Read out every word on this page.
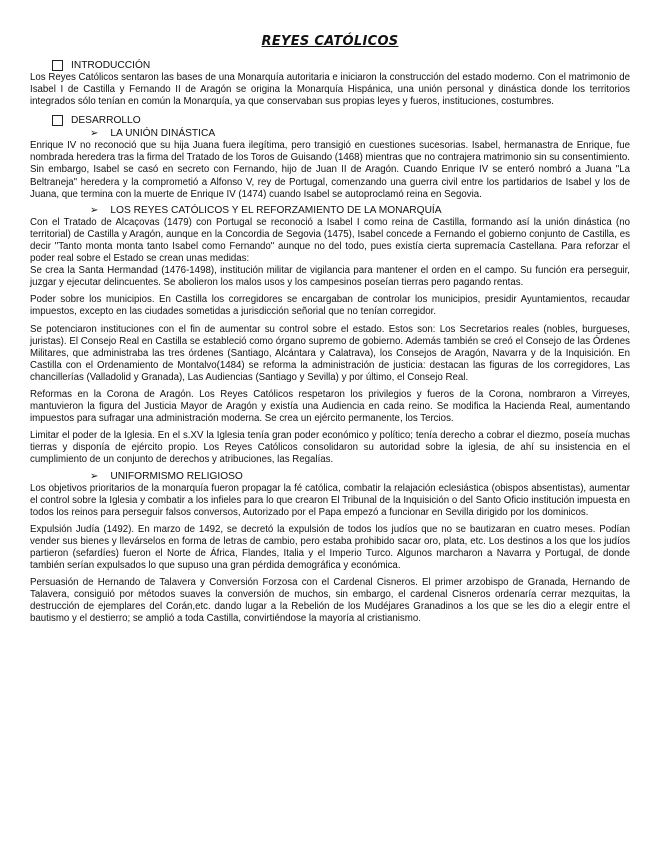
REYES CATÓLICOS
INTRODUCCIÓN

Los Reyes Católicos sentaron las bases de una Monarquía autoritaria e iniciaron la construcción del estado moderno. Con el matrimonio de Isabel I de Castilla y Fernando II de Aragón se origina la Monarquía Hispánica, una unión personal y dinástica donde los territorios integrados sólo tenían en común la Monarquía, ya que conservaban sus propias leyes y fueros, instituciones, costumbres.

DESARROLLO
➢ LA UNIÓN DINÁSTICA

Enrique IV no reconoció que su hija Juana fuera ilegítima, pero transigió en cuestiones sucesorias. Isabel, hermanastra de Enrique, fue nombrada heredera tras la firma del Tratado de los Toros de Guisando (1468) mientras que no contrajera matrimonio sin su consentimiento. Sin embargo, Isabel se casó en secreto con Fernando, hijo de Juan II de Aragón. Cuando Enrique IV se enteró nombró a Juana "La Beltraneja" heredera y la comprometió a Alfonso V, rey de Portugal, comenzando una guerra civil entre los partidarios de Isabel y los de Juana, que termina con la muerte de Enrique IV (1474) cuando Isabel se autoproclamó reina en Segovia.

➢ LOS REYES CATÓLICOS Y EL REFORZAMIENTO DE LA MONARQUÍA

Con el Tratado de Alcaçovas (1479) con Portugal se reconoció a Isabel I como reina de Castilla, formando así la unión dinástica (no territorial) de Castilla y Aragón, aunque en la Concordia de Segovia (1475), Isabel concede a Fernando el gobierno conjunto de Castilla, es decir "Tanto monta monta tanto Isabel como Fernando" aunque no del todo, pues existía cierta supremacía Castellana. Para reforzar el poder real sobre el Estado se crean unas medidas:

Se crea la Santa Hermandad (1476-1498), institución militar de vigilancia para mantener el orden en el campo. Su función era perseguir, juzgar y ejecutar delincuentes. Se abolieron los malos usos y los campesinos poseían tierras pero pagando rentas.

Poder sobre los municipios. En Castilla los corregidores se encargaban de controlar los municipios, presidir Ayuntamientos, recaudar impuestos, excepto en las ciudades sometidas a jurisdicción señorial que no tenían corregidor.

Se potenciaron instituciones con el fin de aumentar su control sobre el estado. Estos son: Los Secretarios reales (nobles, burgueses, juristas). El Consejo Real en Castilla se estableció como órgano supremo de gobierno. Además también se creó el Consejo de las Órdenes Militares, que administraba las tres órdenes (Santiago, Alcántara y Calatrava), los Consejos de Aragón, Navarra y de la Inquisición. En Castilla con el Ordenamiento de Montalvo(1484) se reforma la administración de justicia: destacan las figuras de los corregidores, Las chancillerías (Valladolid y Granada), Las Audiencias (Santiago y Sevilla) y por último, el Consejo Real.

Reformas en la Corona de Aragón. Los Reyes Católicos respetaron los privilegios y fueros de la Corona, nombraron a Virreyes, mantuvieron la figura del Justicia Mayor de Aragón y existía una Audiencia en cada reino. Se modifica la Hacienda Real, aumentando impuestos para sufragar una administración moderna. Se crea un ejército permanente, los Tercios.

Limitar el poder de la Iglesia. En el s.XV la Iglesia tenía gran poder económico y político; tenía derecho a cobrar el diezmo, poseía muchas tierras y disponía de ejército propio. Los Reyes Católicos consolidaron su autoridad sobre la iglesia, de ahí su insistencia en el cumplimiento de un conjunto de derechos y atribuciones, las Regalías.

➢ UNIFORMISMO RELIGIOSO

Los objetivos prioritarios de la monarquía fueron propagar la fé católica, combatir la relajación eclesiástica (obispos absentistas), aumentar el control sobre la Iglesia y combatir a los infieles para lo que crearon El Tribunal de la Inquisición o del Santo Oficio institución impuesta en todos los reinos para perseguir falsos conversos, Autorizado por el Papa empezó a funcionar en Sevilla dirigido por los dominicos.

Expulsión Judía (1492). En marzo de 1492, se decretó la expulsión de todos los judíos que no se bautizaran en cuatro meses. Podían vender sus bienes y llevárselos en forma de letras de cambio, pero estaba prohibido sacar oro, plata, etc. Los destinos a los que los judíos partieron (sefardíes) fueron el Norte de África, Flandes, Italia y el Imperio Turco. Algunos marcharon a Navarra y Portugal, de donde también serían expulsados lo que supuso una gran pérdida demográfica y económica.

Persuasión de Hernando de Talavera y Conversión Forzosa con el Cardenal Cisneros. El primer arzobispo de Granada, Hernando de Talavera, consiguió por métodos suaves la conversión de muchos, sin embargo, el cardenal Cisneros ordenaría cerrar mezquitas, la destrucción de ejemplares del Corán,etc. dando lugar a la Rebelión de los Mudéjares Granadinos a los que se les dio a elegir entre el bautismo y el destierro; se amplió a toda Castilla, convirtiéndose la mayoría al cristianismo.
